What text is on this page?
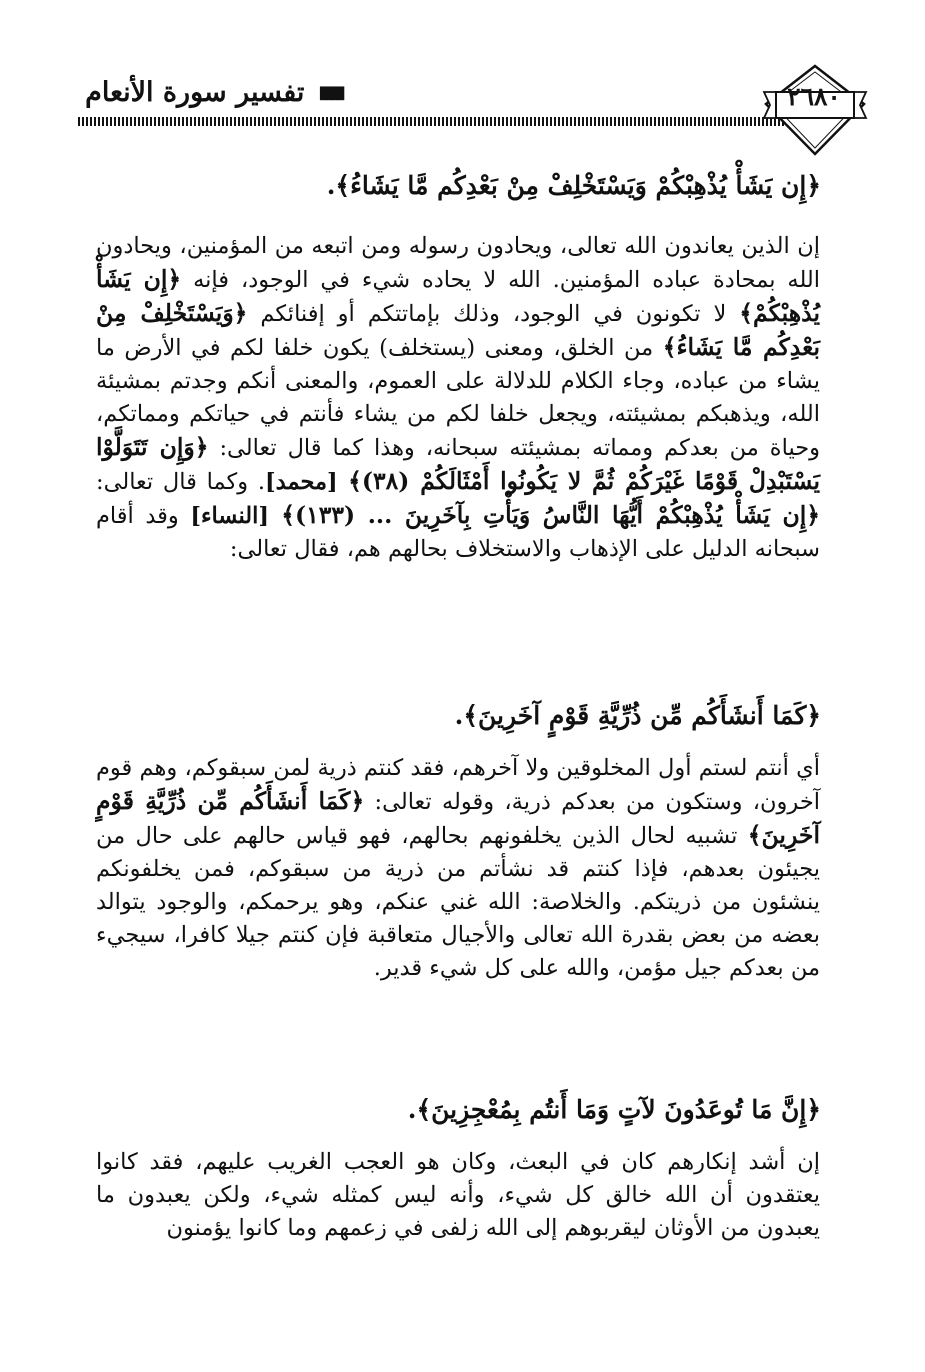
▮▮▮▮
تفسير سورة الأنعام	٢٦٨٠
﴿إِن يَشَأْ يُذْهِبْكُمْ وَيَسْتَخْلِفْ مِنْ بَعْدِكُم مَّا يَشَاءُ﴾.

إن الذين يعاندون الله تعالى، ويحادون رسوله ومن اتبعه من المؤمنين، ويحادون الله بمحادة عباده المؤمنين. الله لا يحاده شيء في الوجود، فإنه ﴿إِن يَشَأْ يُذْهِبْكُمْ﴾ لا تكونون في الوجود، وذلك بإماتتكم أو إفنائكم ﴿وَيَسْتَخْلِفْ مِنْ بَعْدِكُم مَّا يَشَاءُ﴾ من الخلق، ومعنى (يستخلف) يكون خلفا لكم في الأرض ما يشاء من عباده، وجاء الكلام للدلالة على العموم، والمعنى أنكم وجدتم بمشيئة الله، ويذهبكم بمشيئته، ويجعل خلفا لكم من يشاء فأنتم في حياتكم ومماتكم، وحياة من بعدكم ومماته بمشيئته سبحانه، وهذا كما قال تعالى: ﴿وَإِن تَتَوَلَّوْا يَسْتَبْدِلْ قَوْمًا غَيْرَكُمْ ثُمَّ لا يَكُونُوا أَمْثَالَكُمْ (٣٨)﴾ [محمد]. وكما قال تعالى: ﴿إِن يَشَأْ يُذْهِبْكُمْ أَيُّهَا النَّاسُ وَيَأْتِ بِآخَرِينَ ... (١٣٣)﴾ [النساء] وقد أقام سبحانه الدليل على الإذهاب والاستخلاف بحالهم هم، فقال تعالى:

﴿كَمَا أَنشَأَكُم مِّن ذُرِّيَّةِ قَوْمٍ آخَرِينَ﴾.

أي أنتم لستم أول المخلوقين ولا آخرهم، فقد كنتم ذرية لمن سبقوكم، وهم قوم آخرون، وستكون من بعدكم ذرية، وقوله تعالى: ﴿كَمَا أَنشَأَكُم مِّن ذُرِّيَّةِ قَوْمٍ آخَرِينَ﴾ تشبيه لحال الذين يخلفونهم بحالهم، فهو قياس حالهم على حال من يجيئون بعدهم، فإذا كنتم قد نشأتم من ذرية من سبقوكم، فمن يخلفونكم ينشئون من ذريتكم. والخلاصة: الله غني عنكم، وهو يرحمكم، والوجود يتوالد بعضه من بعض بقدرة الله تعالى والأجيال متعاقبة فإن كنتم جيلا كافرا، سيجيء من بعدكم جيل مؤمن، والله على كل شيء قدير.

﴿إِنَّ مَا تُوعَدُونَ لآتٍ وَمَا أَنتُم بِمُعْجِزِينَ﴾.

إن أشد إنكارهم كان في البعث، وكان هو العجب الغريب عليهم، فقد كانوا يعتقدون أن الله خالق كل شيء، وأنه ليس كمثله شيء، ولكن يعبدون ما يعبدون من الأوثان ليقربوهم إلى الله زلفى في زعمهم وما كانوا يؤمنون
